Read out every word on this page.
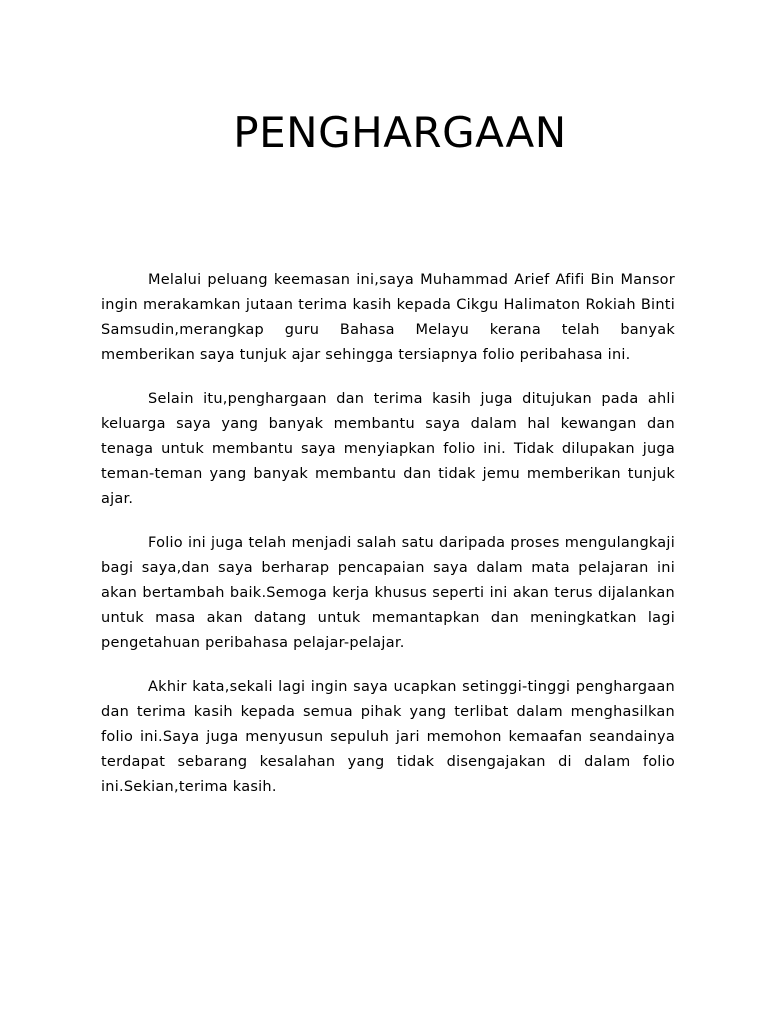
PENGHARGAAN

Melalui peluang keemasan ini,saya Muhammad Arief Afifi Bin Mansor ingin merakamkan jutaan terima kasih kepada Cikgu Halimaton Rokiah Binti Samsudin,merangkap guru Bahasa Melayu kerana telah banyak memberikan saya tunjuk ajar sehingga tersiapnya folio peribahasa ini.

Selain itu,penghargaan dan terima kasih juga ditujukan pada ahli keluarga saya yang banyak membantu saya dalam hal kewangan dan tenaga untuk membantu saya menyiapkan folio ini. Tidak dilupakan juga teman-teman yang banyak membantu dan tidak jemu memberikan tunjuk ajar.

Folio ini juga telah menjadi salah satu daripada proses mengulangkaji bagi saya,dan saya berharap pencapaian saya dalam mata pelajaran ini akan bertambah baik.Semoga kerja khusus seperti ini akan terus dijalankan untuk masa akan datang untuk memantapkan dan meningkatkan lagi pengetahuan peribahasa pelajar-pelajar.

Akhir kata,sekali lagi ingin saya ucapkan setinggi-tinggi penghargaan dan terima kasih kepada semua pihak yang terlibat dalam menghasilkan folio ini.Saya juga menyusun sepuluh jari memohon kemaafan seandainya terdapat sebarang kesalahan yang tidak disengajakan di dalam folio ini.Sekian,terima kasih.
